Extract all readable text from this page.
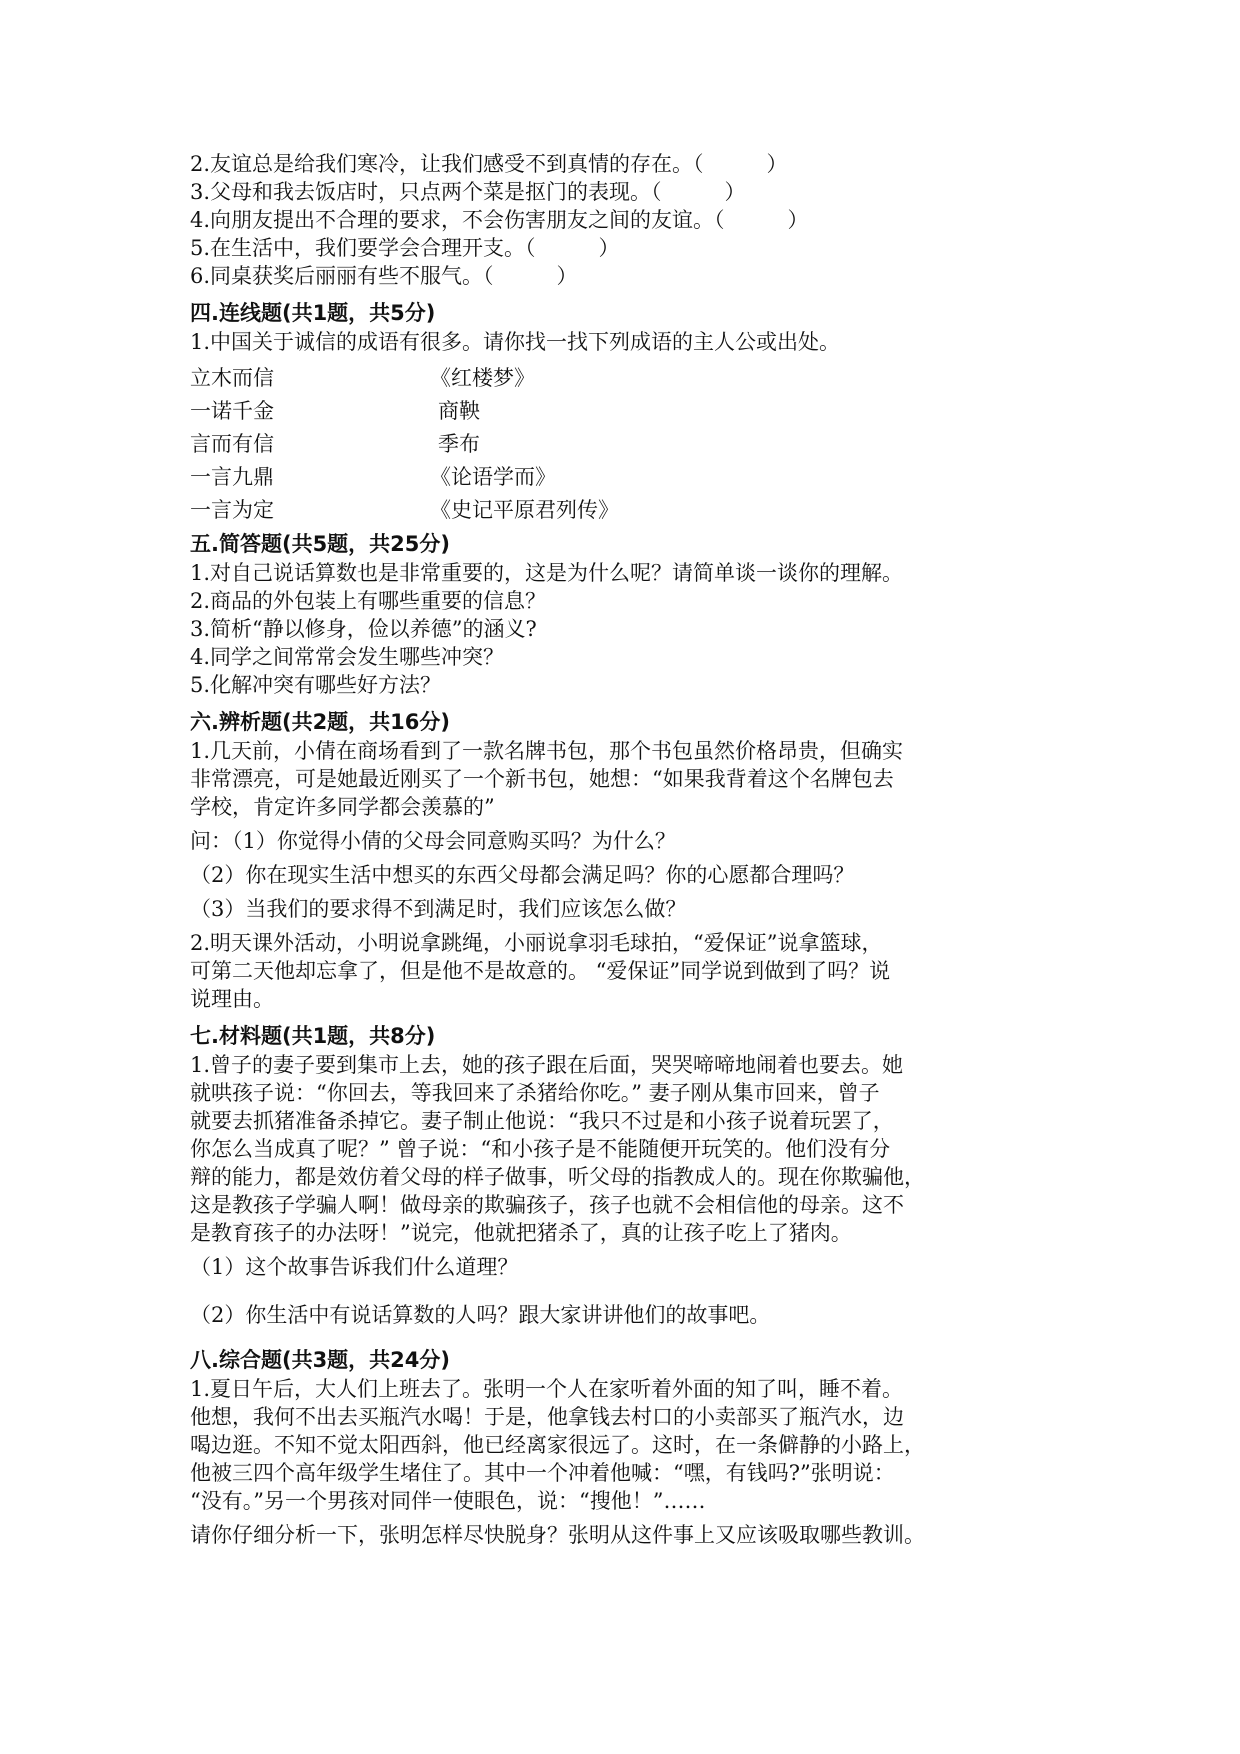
2.友谊总是给我们寒冷，让我们感受不到真情的存在。（　　　）
3.父母和我去饭店时，只点两个菜是抠门的表现。（　　　）
4.向朋友提出不合理的要求，不会伤害朋友之间的友谊。（　　　）
5.在生活中，我们要学会合理开支。（　　　）
6.同桌获奖后丽丽有些不服气。（　　　）
四.连线题(共1题，共5分)
1.中国关于诚信的成语有很多。请你找一找下列成语的主人公或出处。
立木而信	《红楼梦》
一诺千金	商鞅
言而有信	季布
一言九鼎	《论语学而》
一言为定	《史记平原君列传》
五.简答题(共5题，共25分)
1.对自己说话算数也是非常重要的，这是为什么呢？请简单谈一谈你的理解。
2.商品的外包装上有哪些重要的信息？
3.简析“静以修身，俭以养德”的涵义?
4.同学之间常常会发生哪些冲突？
5.化解冲突有哪些好方法？
六.辨析题(共2题，共16分)
1.几天前，小倩在商场看到了一款名牌书包，那个书包虽然价格昂贵，但确实
非常漂亮，可是她最近刚买了一个新书包，她想：“如果我背着这个名牌包去
学校，肯定许多同学都会羡慕的”
问：（1）你觉得小倩的父母会同意购买吗？为什么？
（2）你在现实生活中想买的东西父母都会满足吗？你的心愿都合理吗？
（3）当我们的要求得不到满足时，我们应该怎么做？
2.明天课外活动，小明说拿跳绳，小丽说拿羽毛球拍，“爱保证”说拿篮球，
可第二天他却忘拿了，但是他不是故意的。 “爱保证”同学说到做到了吗？说
说理由。
七.材料题(共1题，共8分)
1.曾子的妻子要到集市上去，她的孩子跟在后面，哭哭啼啼地闹着也要去。她
就哄孩子说：“你回去，等我回来了杀猪给你吃。” 妻子刚从集市回来，曾子
就要去抓猪准备杀掉它。妻子制止他说：“我只不过是和小孩子说着玩罢了，
你怎么当成真了呢？” 曾子说：“和小孩子是不能随便开玩笑的。他们没有分
辩的能力，都是效仿着父母的样子做事，听父母的指教成人的。现在你欺骗他，
这是教孩子学骗人啊！做母亲的欺骗孩子，孩子也就不会相信他的母亲。这不
是教育孩子的办法呀！”说完，他就把猪杀了，真的让孩子吃上了猪肉。
（1）这个故事告诉我们什么道理？
（2）你生活中有说话算数的人吗？跟大家讲讲他们的故事吧。
八.综合题(共3题，共24分)
1.夏日午后，大人们上班去了。张明一个人在家听着外面的知了叫，睡不着。
他想，我何不出去买瓶汽水喝！于是，他拿钱去村口的小卖部买了瓶汽水，边
喝边逛。不知不觉太阳西斜，他已经离家很远了。这时，在一条僻静的小路上，
他被三四个高年级学生堵住了。其中一个冲着他喊：“嘿，有钱吗?”张明说：
“没有。”另一个男孩对同伴一使眼色，说：“搜他！”……
请你仔细分析一下，张明怎样尽快脱身？张明从这件事上又应该吸取哪些教训。
